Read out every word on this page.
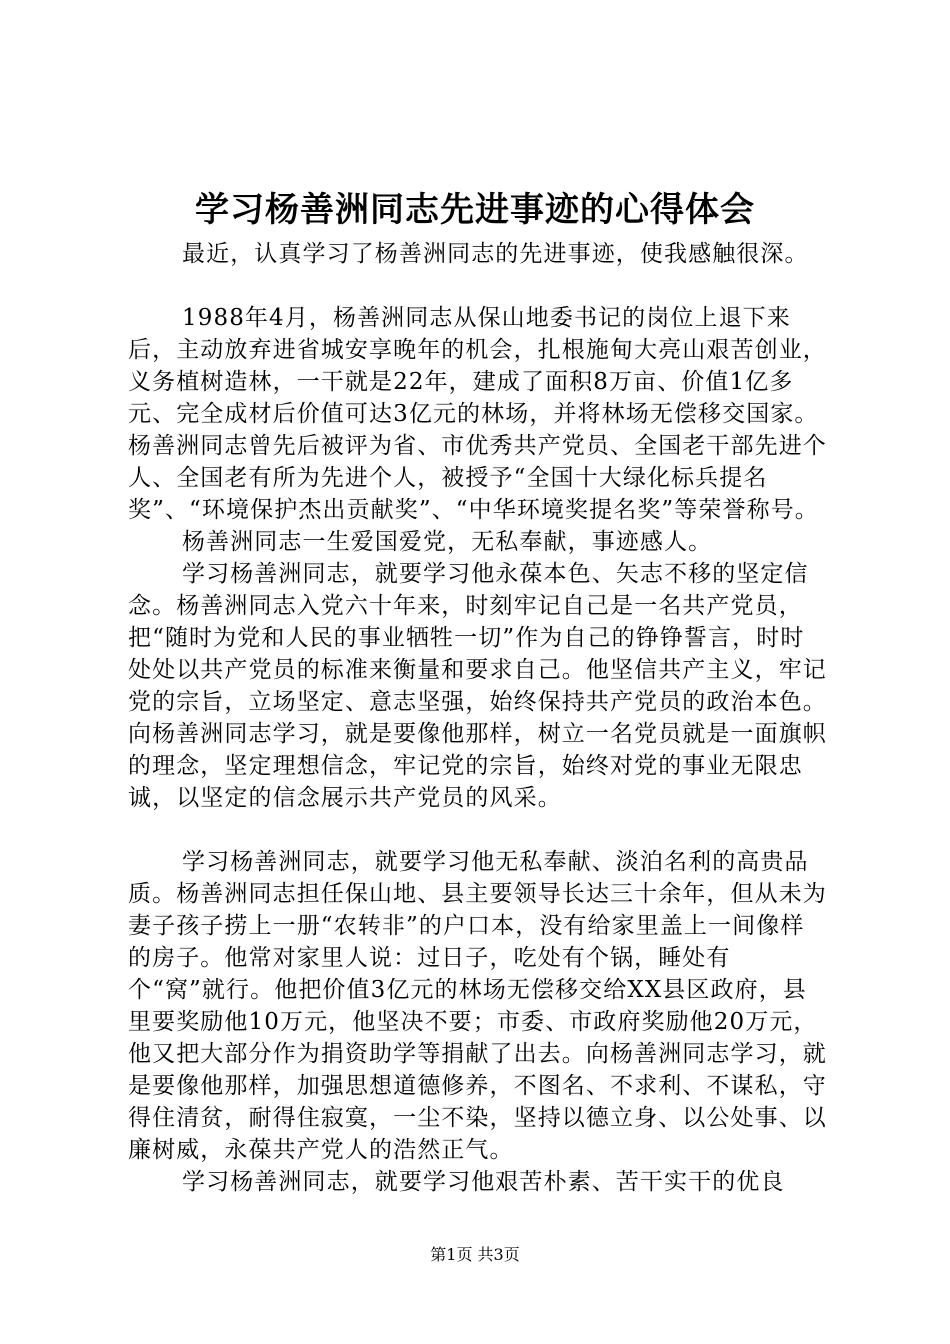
学习杨善洲同志先进事迹的心得体会

最近，认真学习了杨善洲同志的先进事迹，使我感触很深。

1988年4月，杨善洲同志从保山地委书记的岗位上退下来后，主动放弃进省城安享晚年的机会，扎根施甸大亮山艰苦创业，义务植树造林，一干就是22年，建成了面积8万亩、价值1亿多元、完全成材后价值可达3亿元的林场，并将林场无偿移交国家。杨善洲同志曾先后被评为省、市优秀共产党员、全国老干部先进个人、全国老有所为先进个人，被授予“全国十大绿化标兵提名奖”、“环境保护杰出贡献奖”、“中华环境奖提名奖”等荣誉称号。

杨善洲同志一生爱国爱党，无私奉献，事迹感人。

学习杨善洲同志，就要学习他永葆本色、矢志不移的坚定信念。杨善洲同志入党六十年来，时刻牢记自己是一名共产党员，把“随时为党和人民的事业牺牲一切”作为自己的铮铮誓言，时时处处以共产党员的标准来衡量和要求自己。他坚信共产主义，牢记党的宗旨，立场坚定、意志坚强，始终保持共产党员的政治本色。向杨善洲同志学习，就是要像他那样，树立一名党员就是一面旗帜的理念，坚定理想信念，牢记党的宗旨，始终对党的事业无限忠诚，以坚定的信念展示共产党员的风采。

学习杨善洲同志，就要学习他无私奉献、淡泊名利的高贵品质。杨善洲同志担任保山地、县主要领导长达三十余年，但从未为妻子孩子捞上一册“农转非”的户口本，没有给家里盖上一间像样的房子。他常对家里人说：过日子，吃处有个锅，睡处有个“窝”就行。他把价值3亿元的林场无偿移交给XX县区政府，县里要奖励他10万元，他坚决不要；市委、市政府奖励他20万元，他又把大部分作为捐资助学等捐献了出去。向杨善洲同志学习，就是要像他那样，加强思想道德修养，不图名、不求利、不谋私，守得住清贫，耐得住寂寞，一尘不染，坚持以德立身、以公处事、以廉树威，永葆共产党人的浩然正气。

学习杨善洲同志，就要学习他艰苦朴素、苦干实干的优良

第1页 共3页
